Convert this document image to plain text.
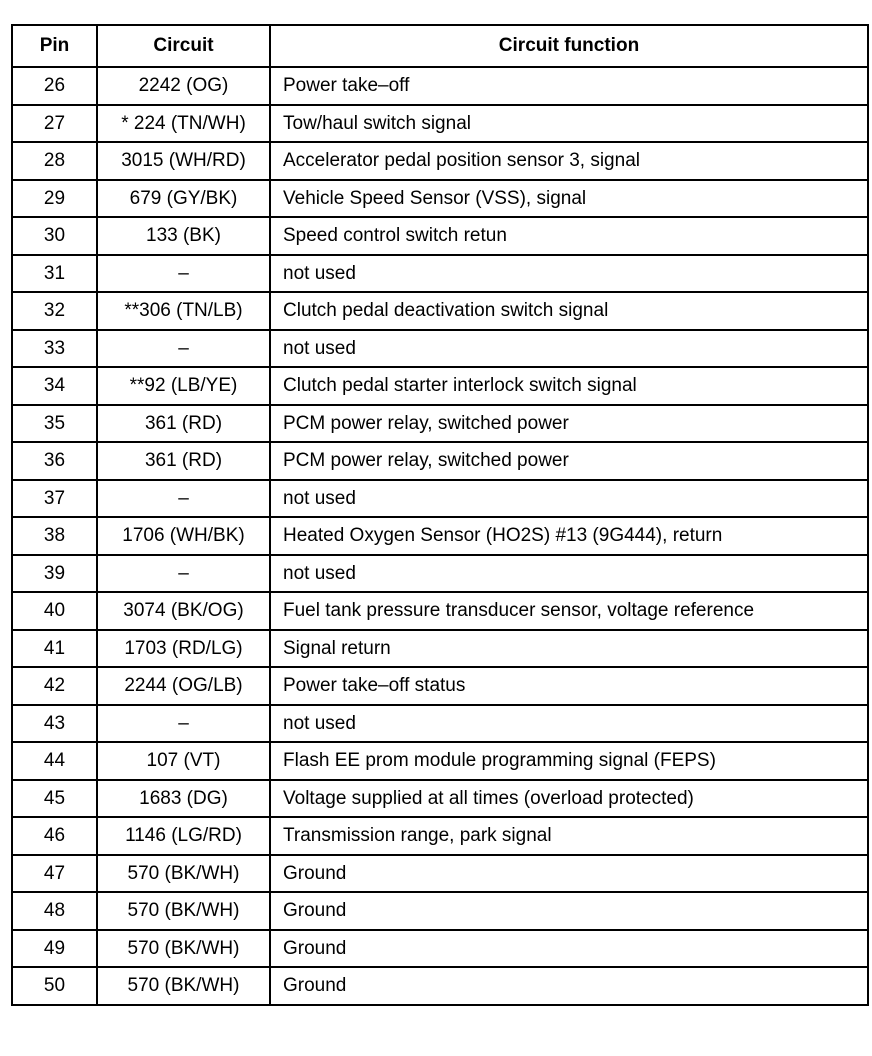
Pin	Circuit	Circuit function
26	2242 (OG)	Power take–off
27	* 224 (TN/WH)	Tow/haul switch signal
28	3015 (WH/RD)	Accelerator pedal position sensor 3, signal
29	679 (GY/BK)	Vehicle Speed Sensor (VSS), signal
30	133 (BK)	Speed control switch retun
31	–	not used
32	**306 (TN/LB)	Clutch pedal deactivation switch signal
33	–	not used
34	**92 (LB/YE)	Clutch pedal starter interlock switch signal
35	361 (RD)	PCM power relay, switched power
36	361 (RD)	PCM power relay, switched power
37	–	not used
38	1706 (WH/BK)	Heated Oxygen Sensor (HO2S) #13 (9G444), return
39	–	not used
40	3074 (BK/OG)	Fuel tank pressure transducer sensor, voltage reference
41	1703 (RD/LG)	Signal return
42	2244 (OG/LB)	Power take–off status
43	–	not used
44	107 (VT)	Flash EE prom module programming signal (FEPS)
45	1683 (DG)	Voltage supplied at all times (overload protected)
46	1146 (LG/RD)	Transmission range, park signal
47	570 (BK/WH)	Ground
48	570 (BK/WH)	Ground
49	570 (BK/WH)	Ground
50	570 (BK/WH)	Ground
